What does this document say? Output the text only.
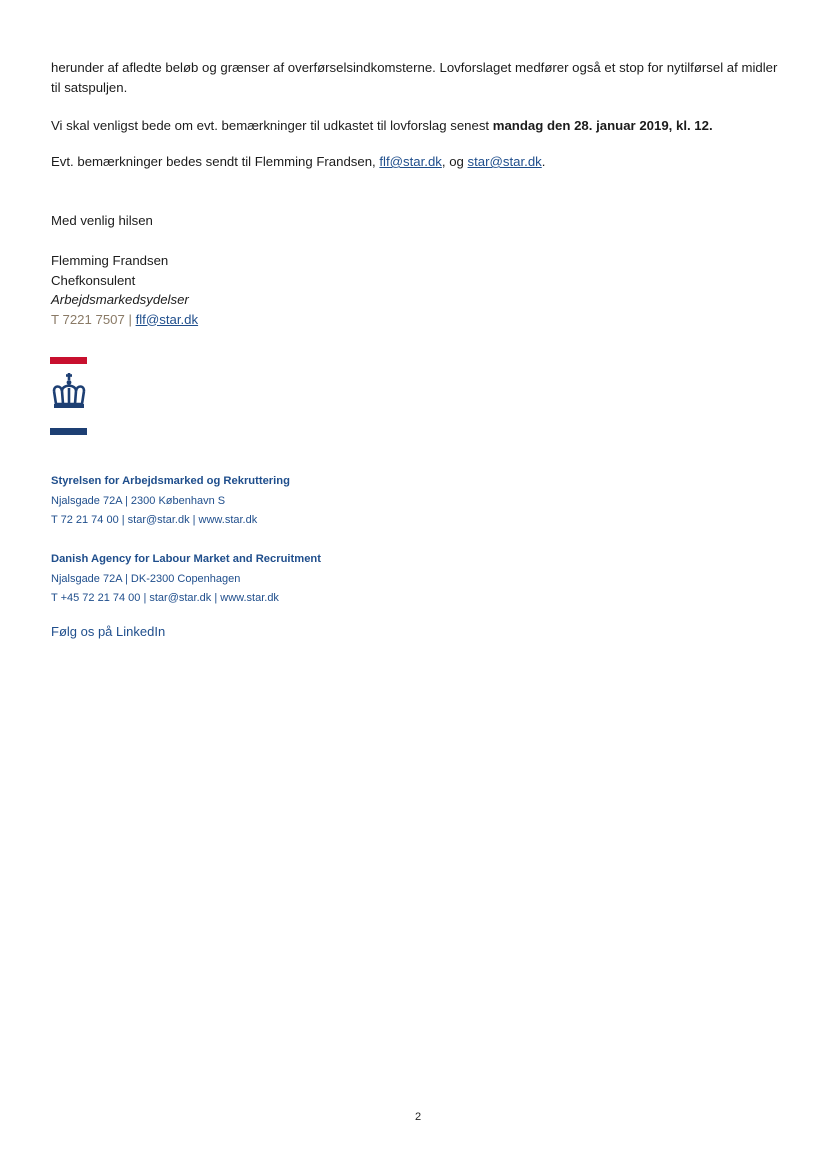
herunder af afledte beløb og grænser af overførselsindkomsterne. Lovforslaget medfører også et stop for nytilførsel af midler til satspuljen.
Vi skal venligst bede om evt. bemærkninger til udkastet til lovforslag senest mandag den 28. januar 2019, kl. 12.
Evt. bemærkninger bedes sendt til Flemming Frandsen, flf@star.dk, og star@star.dk.
Med venlig hilsen
Flemming Frandsen
Chefkonsulent
Arbejdsmarkedsydelser
T 7221 7507 | flf@star.dk
Styrelsen for Arbejdsmarked og Rekruttering
Njalsgade 72A | 2300 København S
T 72 21 74 00 | star@star.dk | www.star.dk
Danish Agency for Labour Market and Recruitment
Njalsgade 72A | DK-2300 Copenhagen
T +45 72 21 74 00 | star@star.dk | www.star.dk
Følg os på LinkedIn
2
